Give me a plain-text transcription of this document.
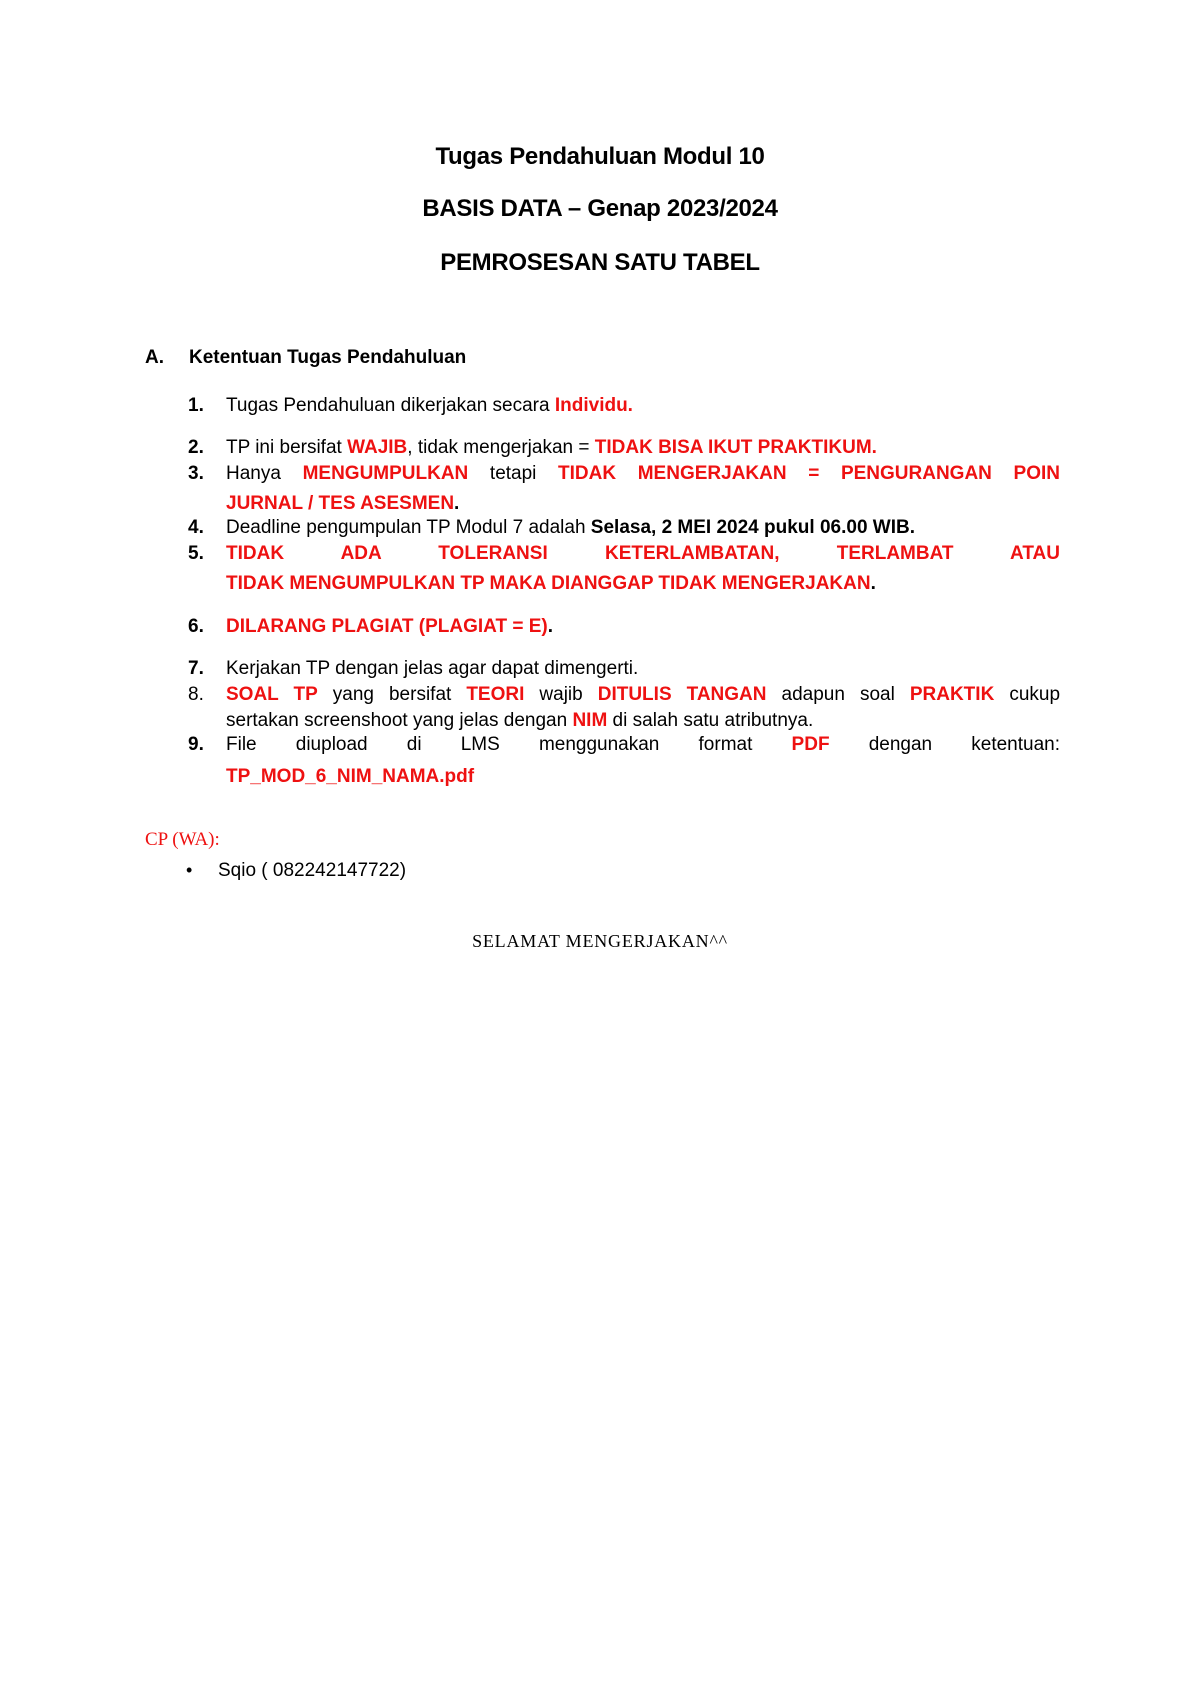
Tugas Pendahuluan Modul 10
BASIS DATA – Genap 2023/2024
PEMROSESAN SATU TABEL
A. Ketentuan Tugas Pendahuluan
1.	Tugas Pendahuluan dikerjakan secara Individu.
2.	TP ini bersifat WAJIB, tidak mengerjakan = TIDAK BISA IKUT PRAKTIKUM.
3.	Hanya MENGUMPULKAN tetapi TIDAK MENGERJAKAN = PENGURANGAN POIN
JURNAL / TES ASESMEN.
4.	Deadline pengumpulan TP Modul 7 adalah Selasa, 2 MEI 2024 pukul 06.00 WIB.
5.	TIDAK ADA TOLERANSI KETERLAMBATAN, TERLAMBAT ATAU
TIDAK MENGUMPULKAN TP MAKA DIANGGAP TIDAK MENGERJAKAN.
6.	DILARANG PLAGIAT (PLAGIAT = E).
7.	Kerjakan TP dengan jelas agar dapat dimengerti.
8.	SOAL TP yang bersifat TEORI wajib DITULIS TANGAN adapun soal PRAKTIK cukup
sertakan screenshoot yang jelas dengan NIM di salah satu atributnya.
9.	File diupload di LMS menggunakan format PDF dengan ketentuan:
TP_MOD_6_NIM_NAMA.pdf
CP (WA):
• Sqio ( 082242147722)
SELAMAT MENGERJAKAN^^
